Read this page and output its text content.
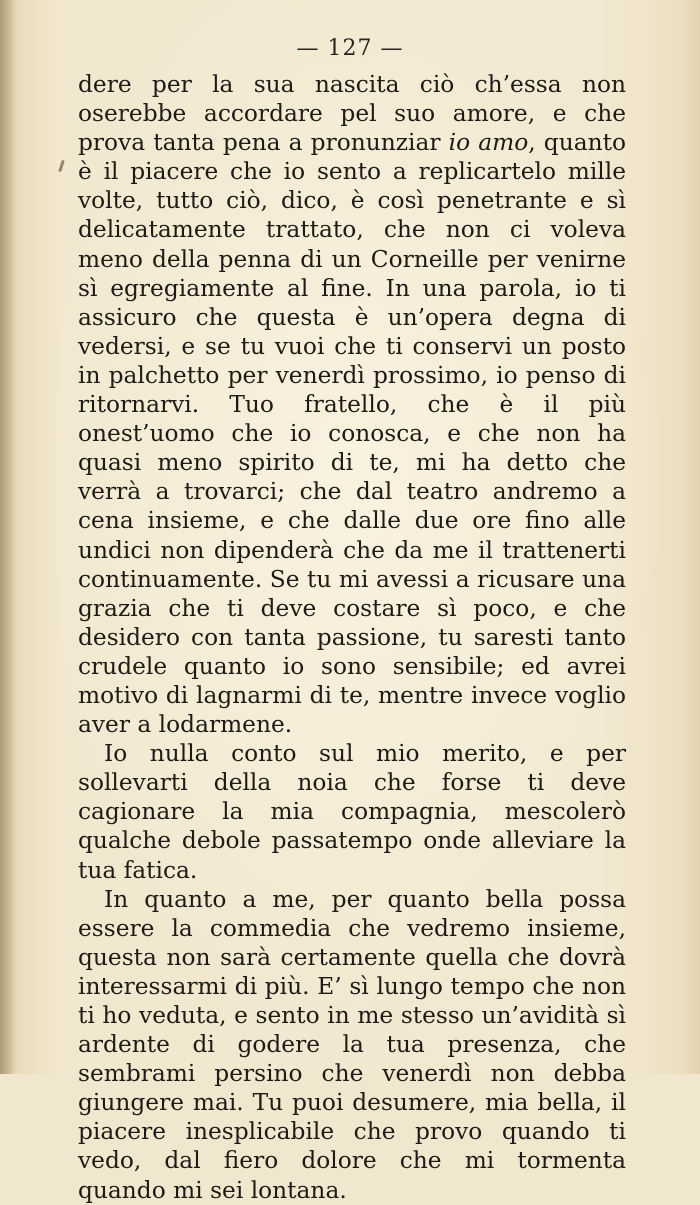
— 127 —

dere per la sua nascita ciò ch’essa non oserebbe accordare pel suo amore, e che prova tanta pena a pronunziar io amo, quanto è il piacere che io sento a replicartelo mille volte, tutto ciò, dico, è così penetrante e sì delicatamente trattato, che non ci voleva meno della penna di un Corneille per venirne sì egregiamente al fine. In una parola, io ti assicuro che questa è un’opera degna di vedersi, e se tu vuoi che ti conservi un posto in palchetto per venerdì prossimo, io penso di ritornarvi. Tuo fratello, che è il più onest’uomo che io conosca, e che non ha quasi meno spirito di te, mi ha detto che verrà a trovarci; che dal teatro andremo a cena insieme, e che dalle due ore fino alle undici non dipenderà che da me il trattenerti continuamente. Se tu mi avessi a ricusare una grazia che ti deve costare sì poco, e che desidero con tanta passione, tu saresti tanto crudele quanto io sono sensibile; ed avrei motivo di lagnarmi di te, mentre invece voglio aver a lodarmene.

Io nulla conto sul mio merito, e per sollevarti della noia che forse ti deve cagionare la mia compagnia, mescolerò qualche debole passatempo onde alleviare la tua fatica.

In quanto a me, per quanto bella possa essere la commedia che vedremo insieme, questa non sarà certamente quella che dovrà interessarmi di più. E’ sì lungo tempo che non ti ho veduta, e sento in me stesso un’avidità sì ardente di godere la tua presenza, che sembrami persino che venerdì non debba giungere mai. Tu puoi desumere, mia bella, il piacere inesplicabile che provo quando ti vedo, dal fiero dolore che mi tormenta quando mi sei lontana.
